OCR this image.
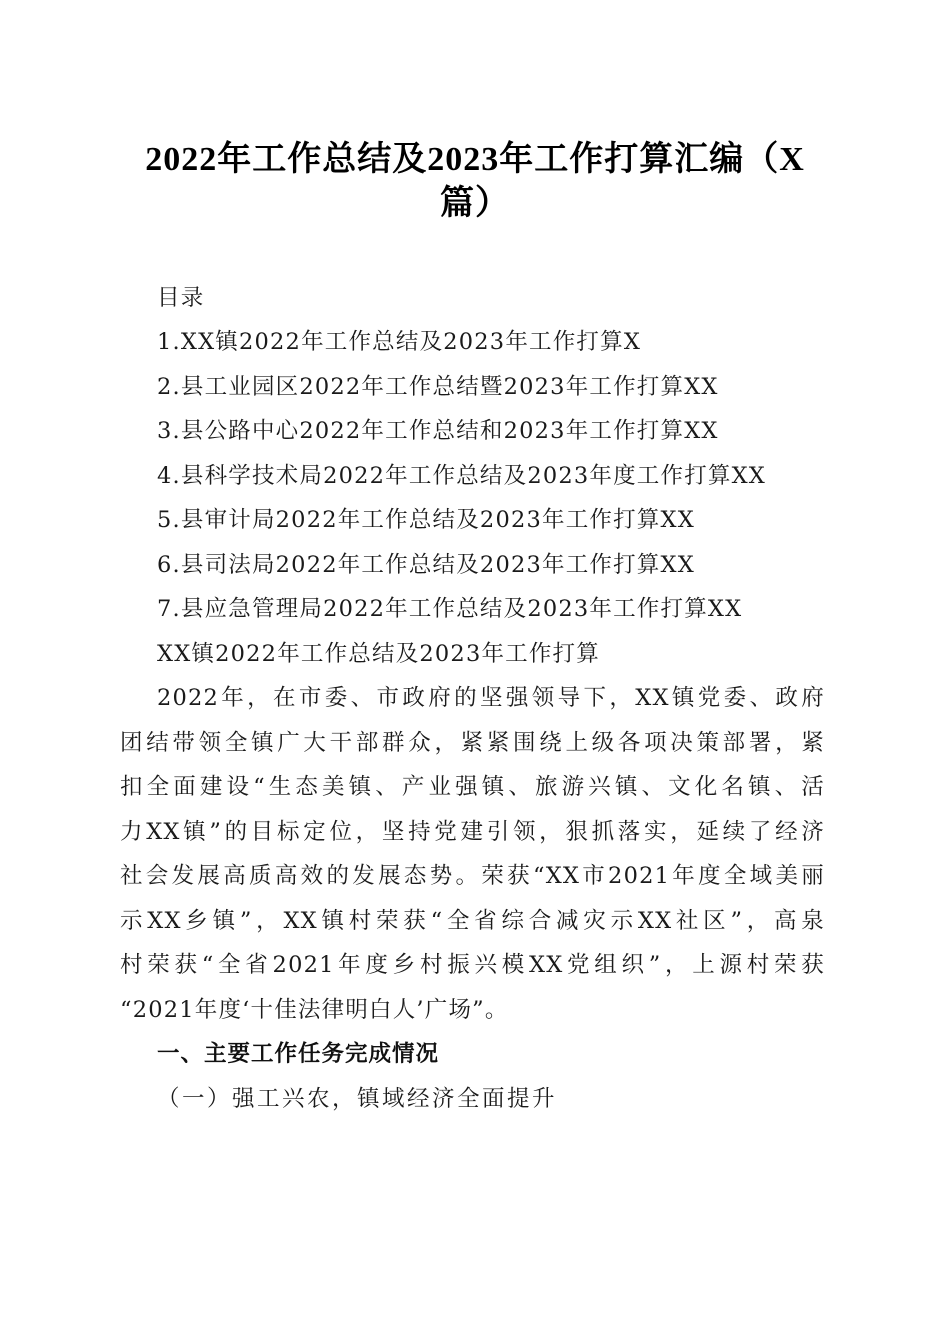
2022年工作总结及2023年工作打算汇编（X
篇）
目录
1.XX镇2022年工作总结及2023年工作打算X
2.县工业园区2022年工作总结暨2023年工作打算XX
3.县公路中心2022年工作总结和2023年工作打算XX
4.县科学技术局2022年工作总结及2023年度工作打算XX
5.县审计局2022年工作总结及2023年工作打算XX
6.县司法局2022年工作总结及2023年工作打算XX
7.县应急管理局2022年工作总结及2023年工作打算XX
XX镇2022年工作总结及2023年工作打算
2022年，在市委、市政府的坚强领导下，XX镇党委、政府
团结带领全镇广大干部群众，紧紧围绕上级各项决策部署，紧
扣全面建设“生态美镇、产业强镇、旅游兴镇、文化名镇、活
力XX镇”的目标定位，坚持党建引领，狠抓落实，延续了经济
社会发展高质高效的发展态势。荣获“XX市2021年度全域美丽
示XX乡镇”，XX镇村荣获“全省综合减灾示XX社区”，高泉
村荣获“全省2021年度乡村振兴模XX党组织”，上源村荣获
“2021年度‘十佳法律明白人’广场”。
一、主要工作任务完成情况
（一）强工兴农，镇域经济全面提升
